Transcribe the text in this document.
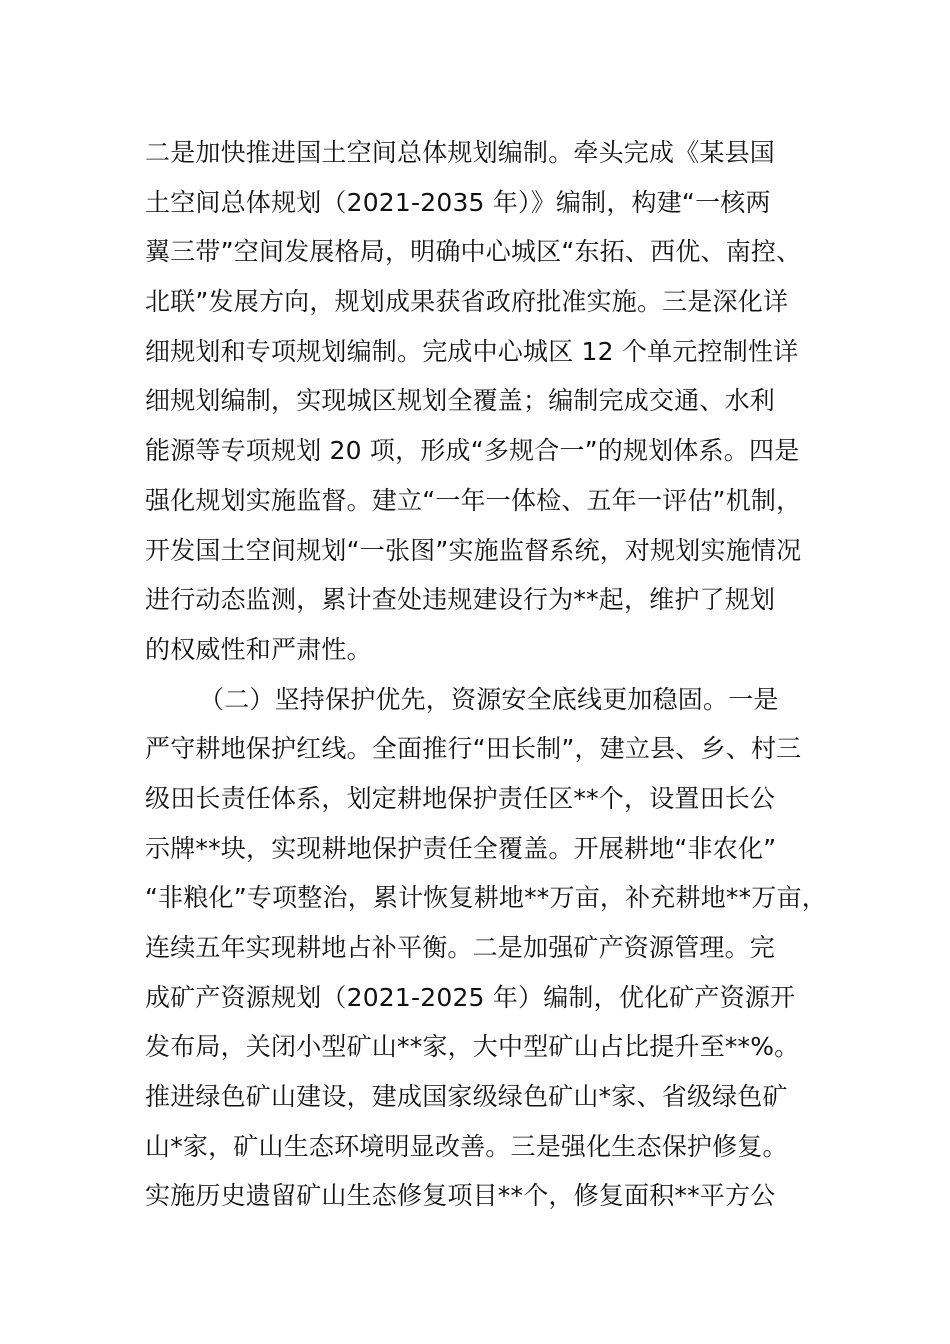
二是加快推进国土空间总体规划编制。牵头完成《某县国
土空间总体规划（2021-2035 年）》编制，构建“一核两
翼三带”空间发展格局，明确中心城区“东拓、西优、南控、
北联”发展方向，规划成果获省政府批准实施。三是深化详
细规划和专项规划编制。完成中心城区 12 个单元控制性详
细规划编制，实现城区规划全覆盖；编制完成交通、水利
能源等专项规划 20 项，形成“多规合一”的规划体系。四是
强化规划实施监督。建立“一年一体检、五年一评估”机制，
开发国土空间规划“一张图”实施监督系统，对规划实施情况
进行动态监测，累计查处违规建设行为**起，维护了规划
的权威性和严肃性。
（二）坚持保护优先，资源安全底线更加稳固。一是
严守耕地保护红线。全面推行“田长制”，建立县、乡、村三
级田长责任体系，划定耕地保护责任区**个，设置田长公
示牌**块，实现耕地保护责任全覆盖。开展耕地“非农化”
“非粮化”专项整治，累计恢复耕地**万亩，补充耕地**万亩，
连续五年实现耕地占补平衡。二是加强矿产资源管理。完
成矿产资源规划（2021-2025 年）编制，优化矿产资源开
发布局，关闭小型矿山**家，大中型矿山占比提升至**%。
推进绿色矿山建设，建成国家级绿色矿山*家、省级绿色矿
山*家，矿山生态环境明显改善。三是强化生态保护修复。
实施历史遗留矿山生态修复项目**个，修复面积**平方公
